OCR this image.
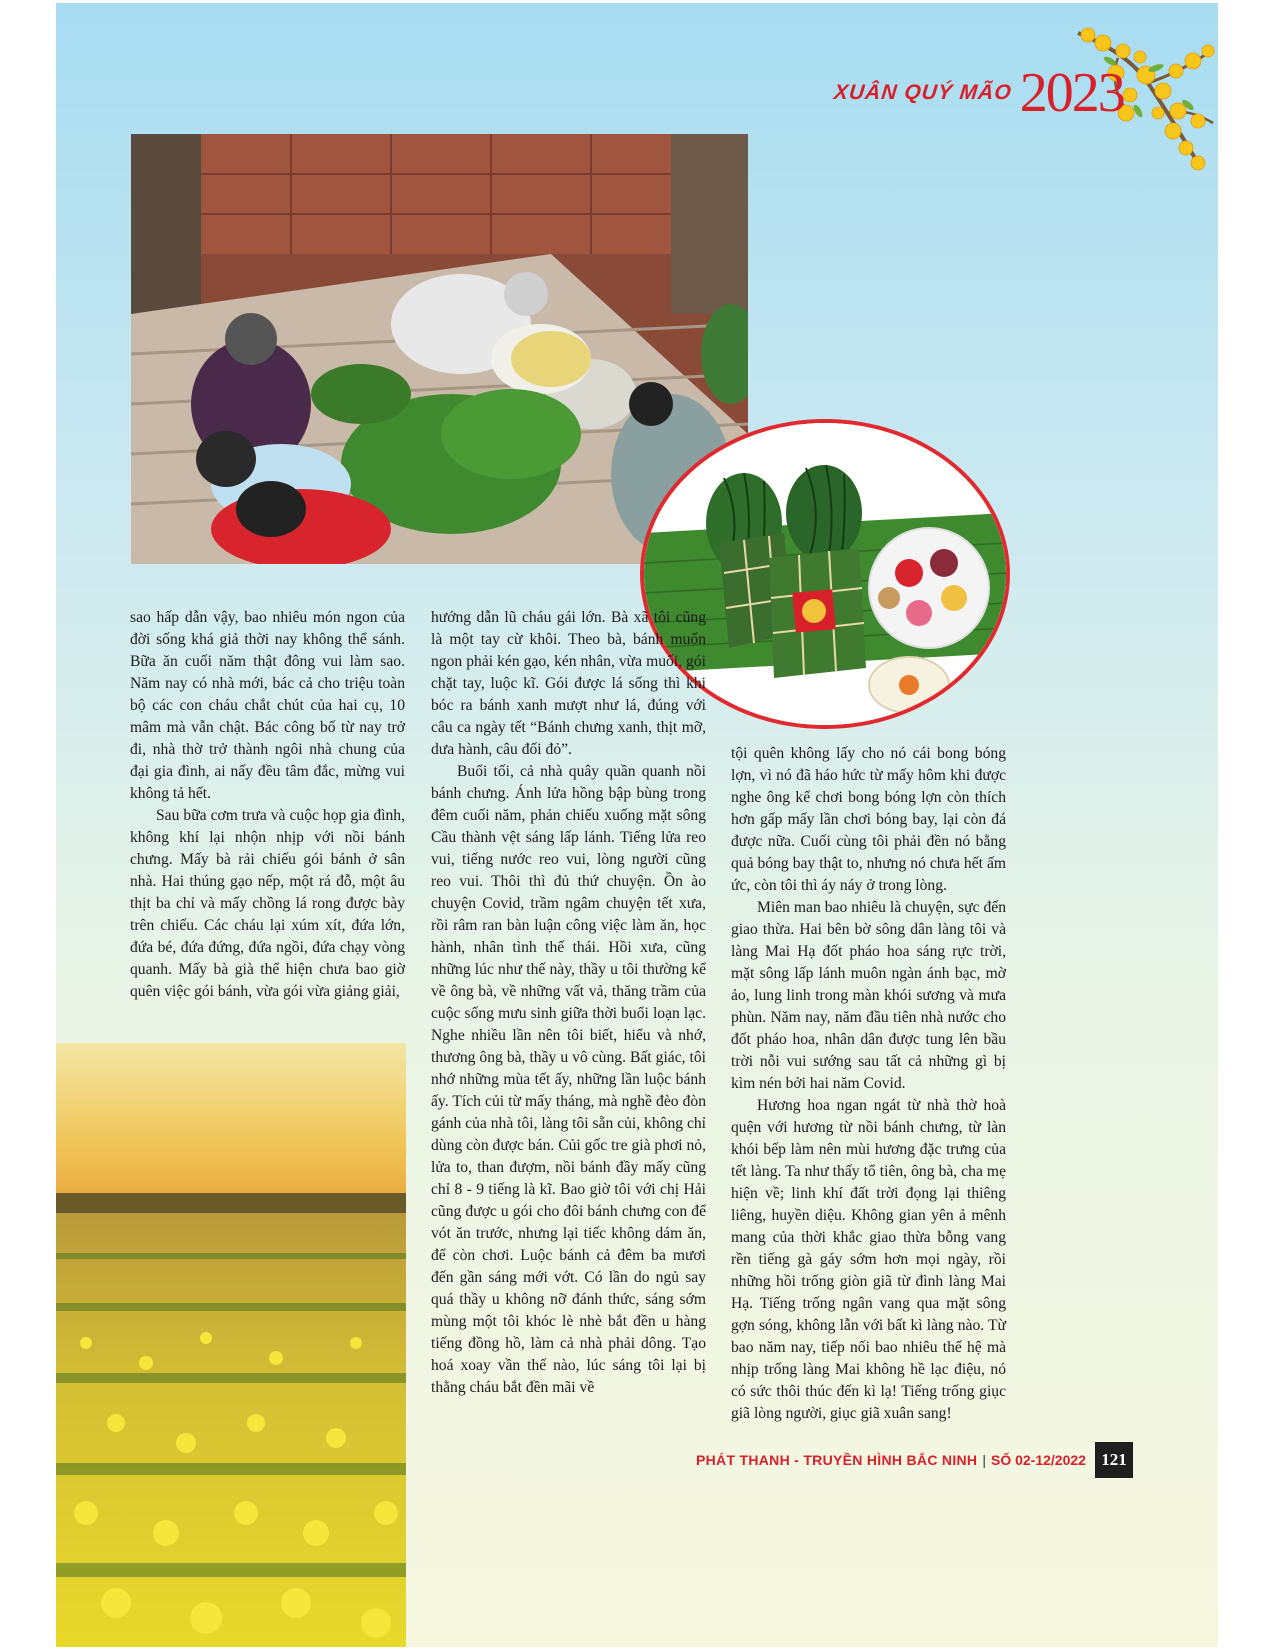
XUÂN QUÝ MÃO 2023

sao hấp dẫn vậy, bao nhiêu món ngon của đời sống khá giả thời nay không thể sánh. Bữa ăn cuối năm thật đông vui làm sao. Năm nay có nhà mới, bác cả cho triệu toàn bộ các con cháu chắt chút của hai cụ, 10 mâm mà vẫn chật. Bác công bố từ nay trở đi, nhà thờ trở thành ngôi nhà chung của đại gia đình, ai nấy đều tâm đắc, mừng vui không tả hết.

Sau bữa cơm trưa và cuộc họp gia đình, không khí lại nhộn nhịp với nồi bánh chưng. Mấy bà rải chiếu gói bánh ở sân nhà. Hai thúng gạo nếp, một rá đỗ, một âu thịt ba chỉ và mấy chồng lá rong được bày trên chiếu. Các cháu lại xúm xít, đứa lớn, đứa bé, đứa đứng, đứa ngồi, đứa chạy vòng quanh. Mấy bà già thể hiện chưa bao giờ quên việc gói bánh, vừa gói vừa giảng giải,

hướng dẫn lũ cháu gái lớn. Bà xã tôi cũng là một tay cừ khôi. Theo bà, bánh muốn ngon phải kén gạo, kén nhân, vừa muối, gói chặt tay, luộc kĩ. Gói được lá sống thì khi bóc ra bánh xanh mượt như lá, đúng với câu ca ngày tết “Bánh chưng xanh, thịt mỡ, dưa hành, câu đối đỏ”.

Buổi tối, cả nhà quây quần quanh nồi bánh chưng. Ánh lửa hồng bập bùng trong đêm cuối năm, phản chiếu xuống mặt sông Cầu thành vệt sáng lấp lánh. Tiếng lửa reo vui, tiếng nước reo vui, lòng người cũng reo vui. Thôi thì đủ thứ chuyện. Ồn ào chuyện Covid, trầm ngâm chuyện tết xưa, rồi râm ran bàn luận công việc làm ăn, học hành, nhân tình thế thái. Hồi xưa, cũng những lúc như thế này, thầy u tôi thường kể về ông bà, về những vất vả, thăng trầm của cuộc sống mưu sinh giữa thời buổi loạn lạc. Nghe nhiều lần nên tôi biết, hiểu và nhớ, thương ông bà, thầy u vô cùng. Bất giác, tôi nhớ những mùa tết ấy, những lần luộc bánh ấy. Tích củi từ mấy tháng, mà nghề đèo đòn gánh của nhà tôi, làng tôi sẵn củi, không chỉ dùng còn được bán. Củi gốc tre già phơi nỏ, lửa to, than đượm, nồi bánh đầy mấy cũng chỉ 8 - 9 tiếng là kĩ. Bao giờ tôi với chị Hải cũng được u gói cho đôi bánh chưng con để vót ăn trước, nhưng lại tiếc không dám ăn, để còn chơi. Luộc bánh cả đêm ba mươi đến gần sáng mới vớt. Có lần do ngủ say quá thầy u không nỡ đánh thức, sáng sớm mùng một tôi khóc lè nhè bắt đền u hàng tiếng đồng hồ, làm cả nhà phải dông. Tạo hoá xoay vần thế nào, lúc sáng tôi lại bị thằng cháu bắt đền mãi về

tội quên không lấy cho nó cái bong bóng lợn, vì nó đã háo hức từ mấy hôm khi được nghe ông kể chơi bong bóng lợn còn thích hơn gấp mấy lần chơi bóng bay, lại còn đá được nữa. Cuối cùng tôi phải đền nó bằng quả bóng bay thật to, nhưng nó chưa hết ấm ức, còn tôi thì áy náy ở trong lòng.

Miên man bao nhiêu là chuyện, sực đến giao thừa. Hai bên bờ sông dân làng tôi và làng Mai Hạ đốt pháo hoa sáng rực trời, mặt sông lấp lánh muôn ngàn ánh bạc, mờ ảo, lung linh trong màn khói sương và mưa phùn. Năm nay, năm đầu tiên nhà nước cho đốt pháo hoa, nhân dân được tung lên bầu trời nỗi vui sướng sau tất cả những gì bị kìm nén bởi hai năm Covid.

Hương hoa ngan ngát từ nhà thờ hoà quện với hương từ nồi bánh chưng, từ làn khói bếp làm nên mùi hương đặc trưng của tết làng. Ta như thấy tổ tiên, ông bà, cha mẹ hiện về; linh khí đất trời đọng lại thiêng liêng, huyền diệu. Không gian yên ả mênh mang của thời khắc giao thừa bỗng vang rền tiếng gà gáy sớm hơn mọi ngày, rồi những hồi trống giòn giã từ đình làng Mai Hạ. Tiếng trống ngân vang qua mặt sông gợn sóng, không lẫn với bất kì làng nào. Từ bao năm nay, tiếp nối bao nhiêu thế hệ mà nhịp trống làng Mai không hề lạc điệu, nó có sức thôi thúc đến kì lạ! Tiếng trống giục giã lòng người, giục giã xuân sang!

PHÁT THANH - TRUYỀN HÌNH BẮC NINH | SỐ 02-12/2022 121
